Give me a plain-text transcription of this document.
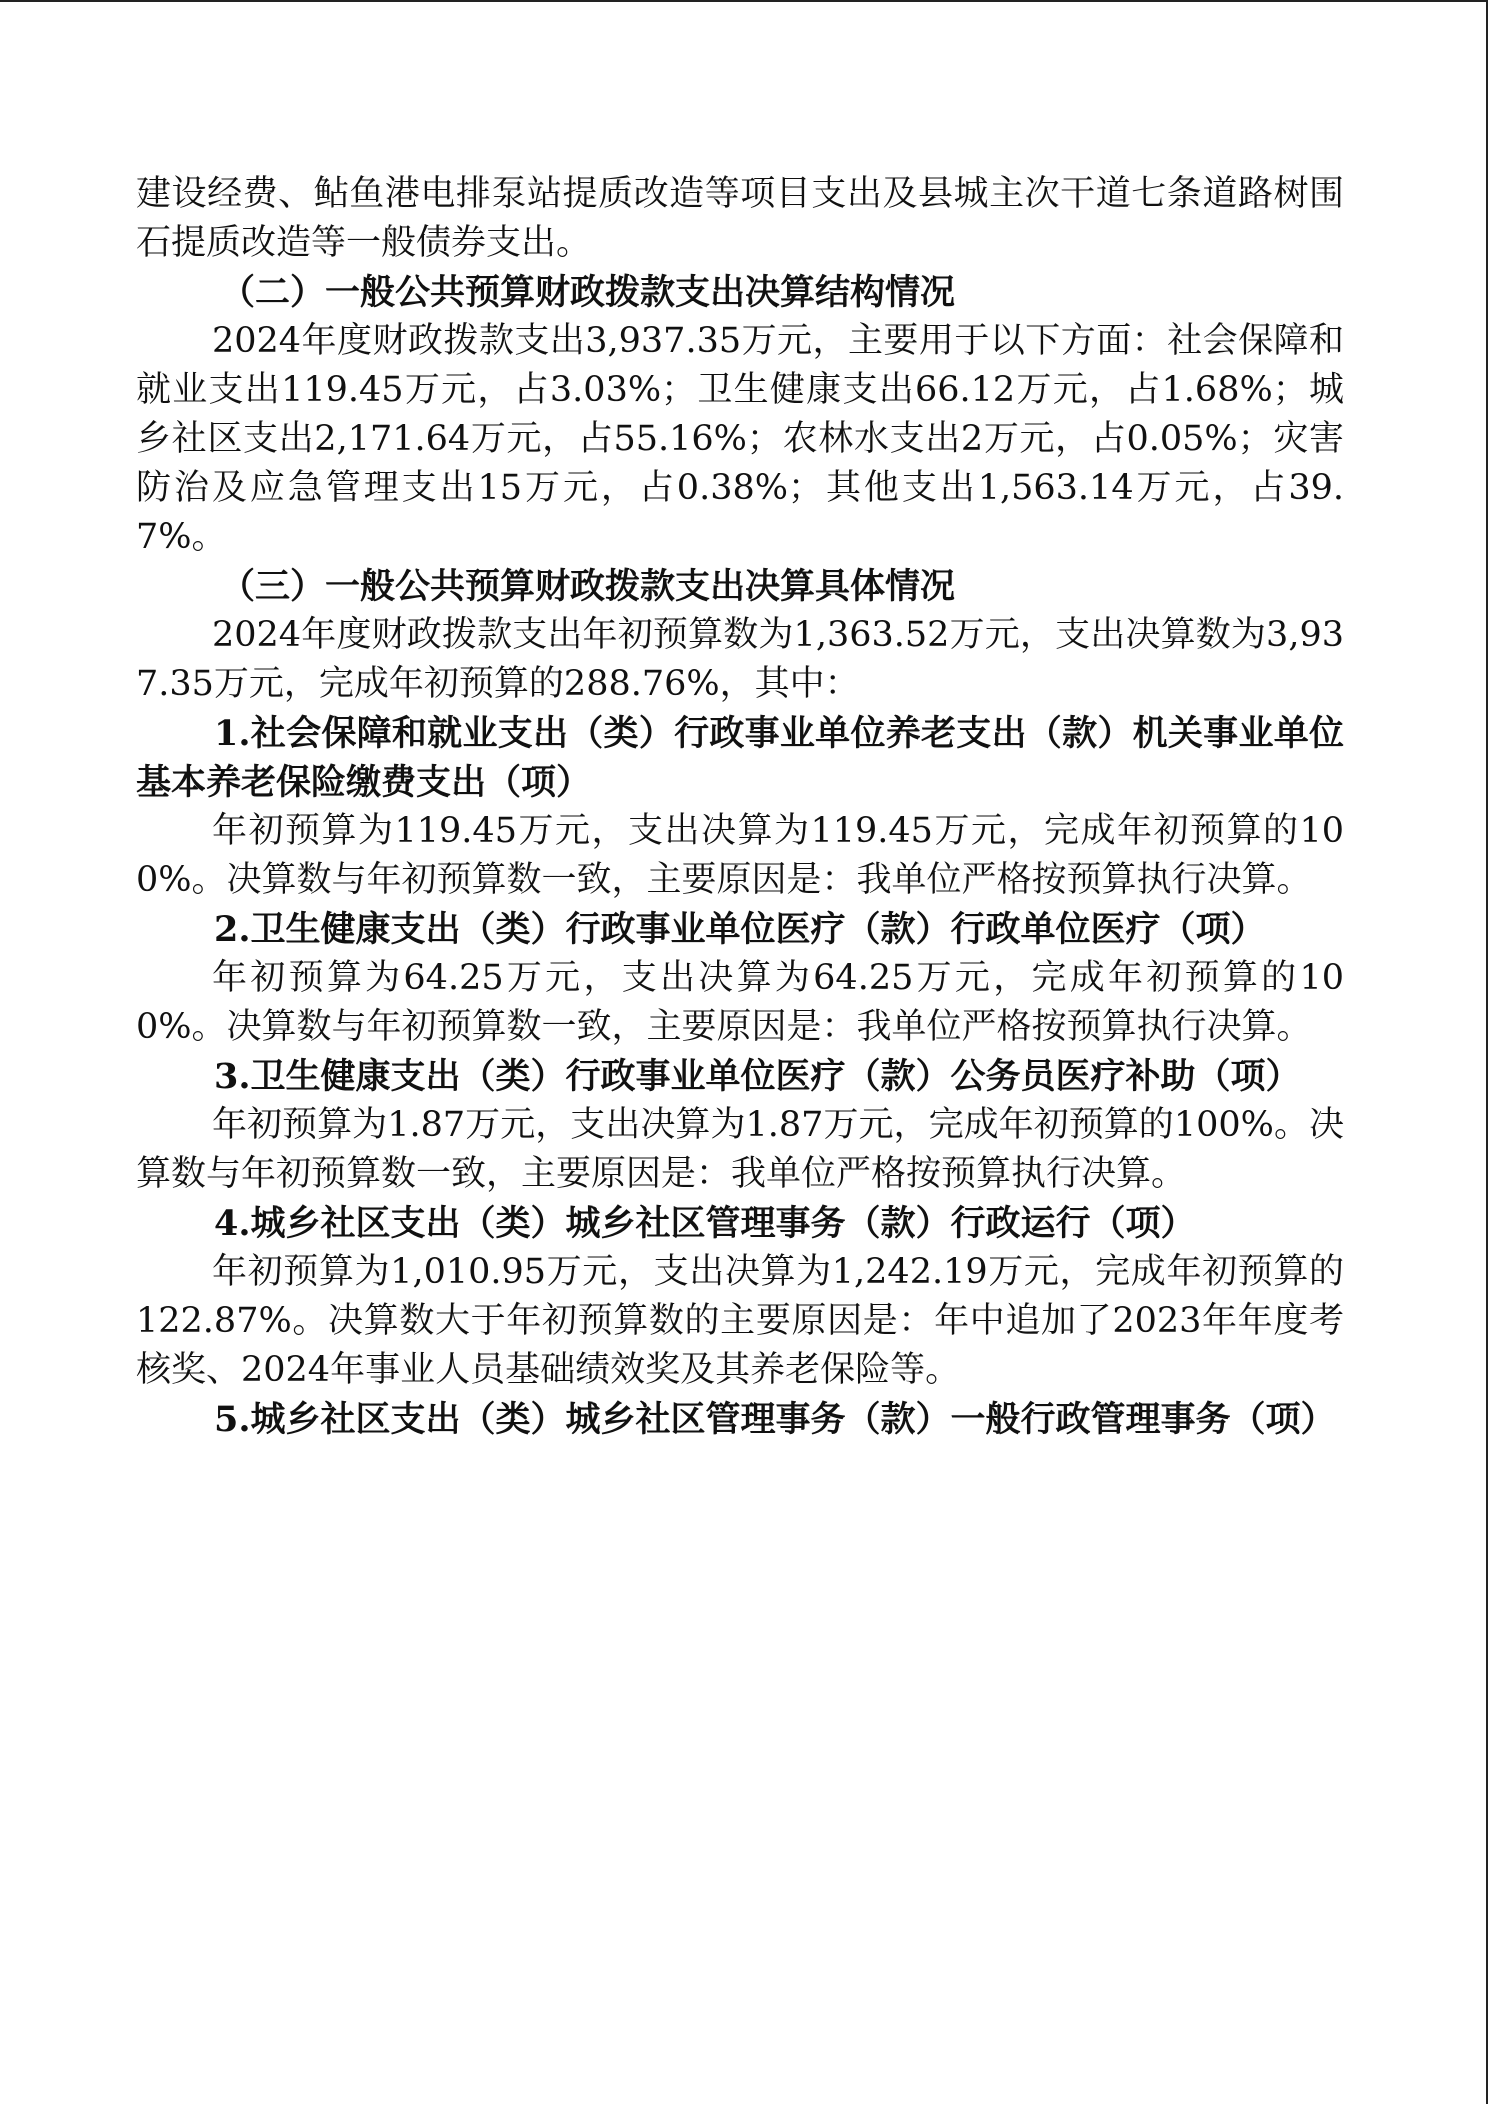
建设经费、鲇鱼港电排泵站提质改造等项目支出及县城主次干道七条道路树围石提质改造等一般债券支出。

（二）一般公共预算财政拨款支出决算结构情况

2024年度财政拨款支出3,937.35万元，主要用于以下方面：社会保障和就业支出119.45万元，占3.03%；卫生健康支出66.12万元，占1.68%；城乡社区支出2,171.64万元，占55.16%；农林水支出2万元，占0.05%；灾害防治及应急管理支出15万元，占0.38%；其他支出1,563.14万元，占39.7%。

（三）一般公共预算财政拨款支出决算具体情况

2024年度财政拨款支出年初预算数为1,363.52万元，支出决算数为3,937.35万元，完成年初预算的288.76%，其中：

1.社会保障和就业支出（类）行政事业单位养老支出（款）机关事业单位基本养老保险缴费支出（项）

年初预算为119.45万元，支出决算为119.45万元，完成年初预算的100%。决算数与年初预算数一致，主要原因是：我单位严格按预算执行决算。

2.卫生健康支出（类）行政事业单位医疗（款）行政单位医疗（项）

年初预算为64.25万元，支出决算为64.25万元，完成年初预算的100%。决算数与年初预算数一致，主要原因是：我单位严格按预算执行决算。

3.卫生健康支出（类）行政事业单位医疗（款）公务员医疗补助（项）

年初预算为1.87万元，支出决算为1.87万元，完成年初预算的100%。决算数与年初预算数一致，主要原因是：我单位严格按预算执行决算。

4.城乡社区支出（类）城乡社区管理事务（款）行政运行（项）

年初预算为1,010.95万元，支出决算为1,242.19万元，完成年初预算的122.87%。决算数大于年初预算数的主要原因是：年中追加了2023年年度考核奖、2024年事业人员基础绩效奖及其养老保险等。

5.城乡社区支出（类）城乡社区管理事务（款）一般行政管理事务（项）
